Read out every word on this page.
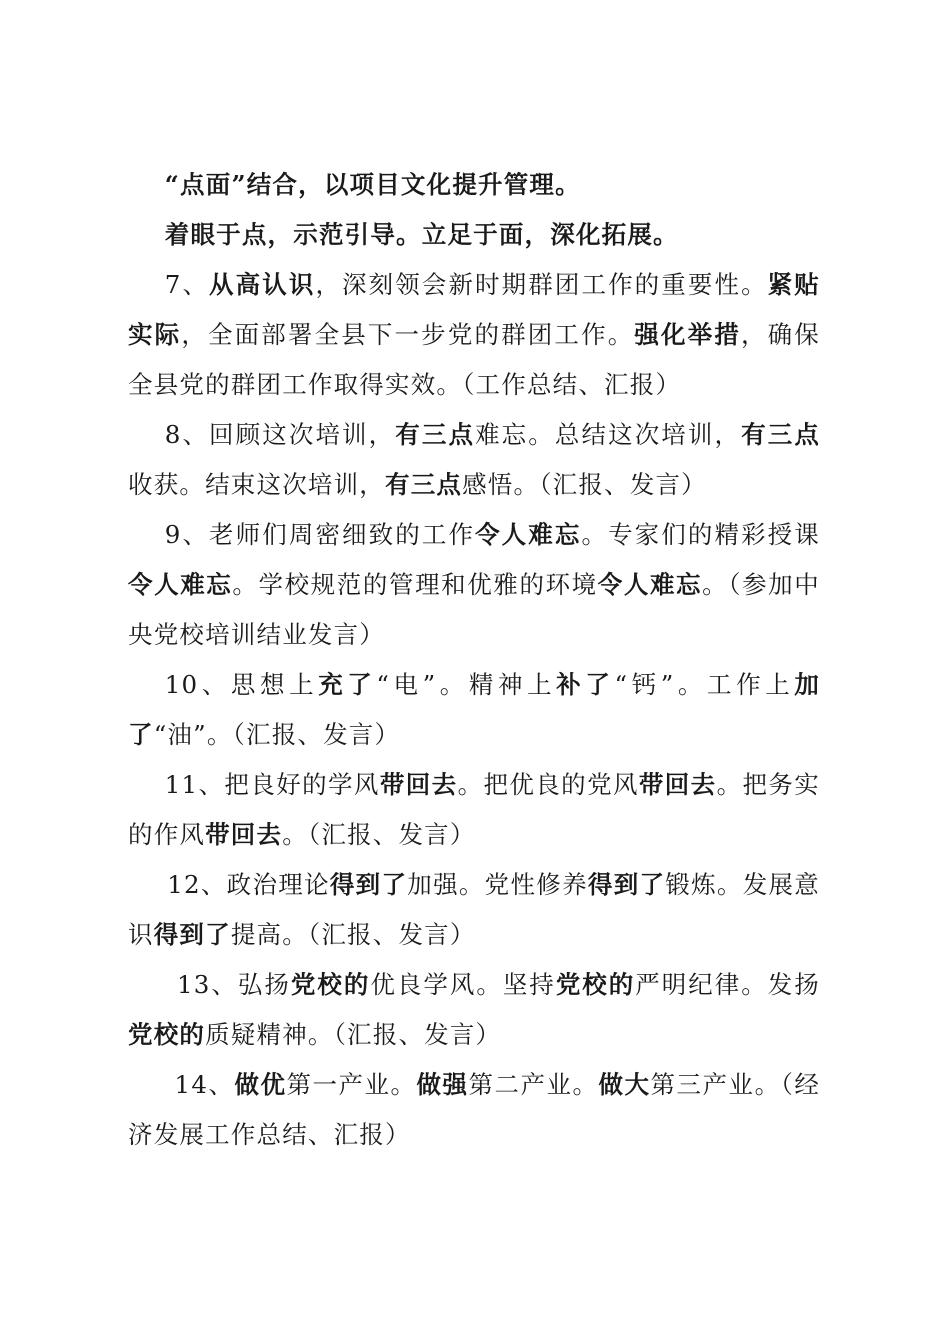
“点面”结合，以项目文化提升管理。

着眼于点，示范引导。立足于面，深化拓展。

7、从高认识，深刻领会新时期群团工作的重要性。紧贴实际，全面部署全县下一步党的群团工作。强化举措，确保全县党的群团工作取得实效。（工作总结、汇报）

8、回顾这次培训，有三点难忘。总结这次培训，有三点收获。结束这次培训，有三点感悟。（汇报、发言）

9、老师们周密细致的工作令人难忘。专家们的精彩授课令人难忘。学校规范的管理和优雅的环境令人难忘。（参加中央党校培训结业发言）

10、思想上充了“电”。精神上补了“钙”。工作上加了“油”。（汇报、发言）

11、把良好的学风带回去。把优良的党风带回去。把务实的作风带回去。（汇报、发言）

12、政治理论得到了加强。党性修养得到了锻炼。发展意识得到了提高。（汇报、发言）

13、弘扬党校的优良学风。坚持党校的严明纪律。发扬党校的质疑精神。（汇报、发言）

14、做优第一产业。做强第二产业。做大第三产业。（经济发展工作总结、汇报）
